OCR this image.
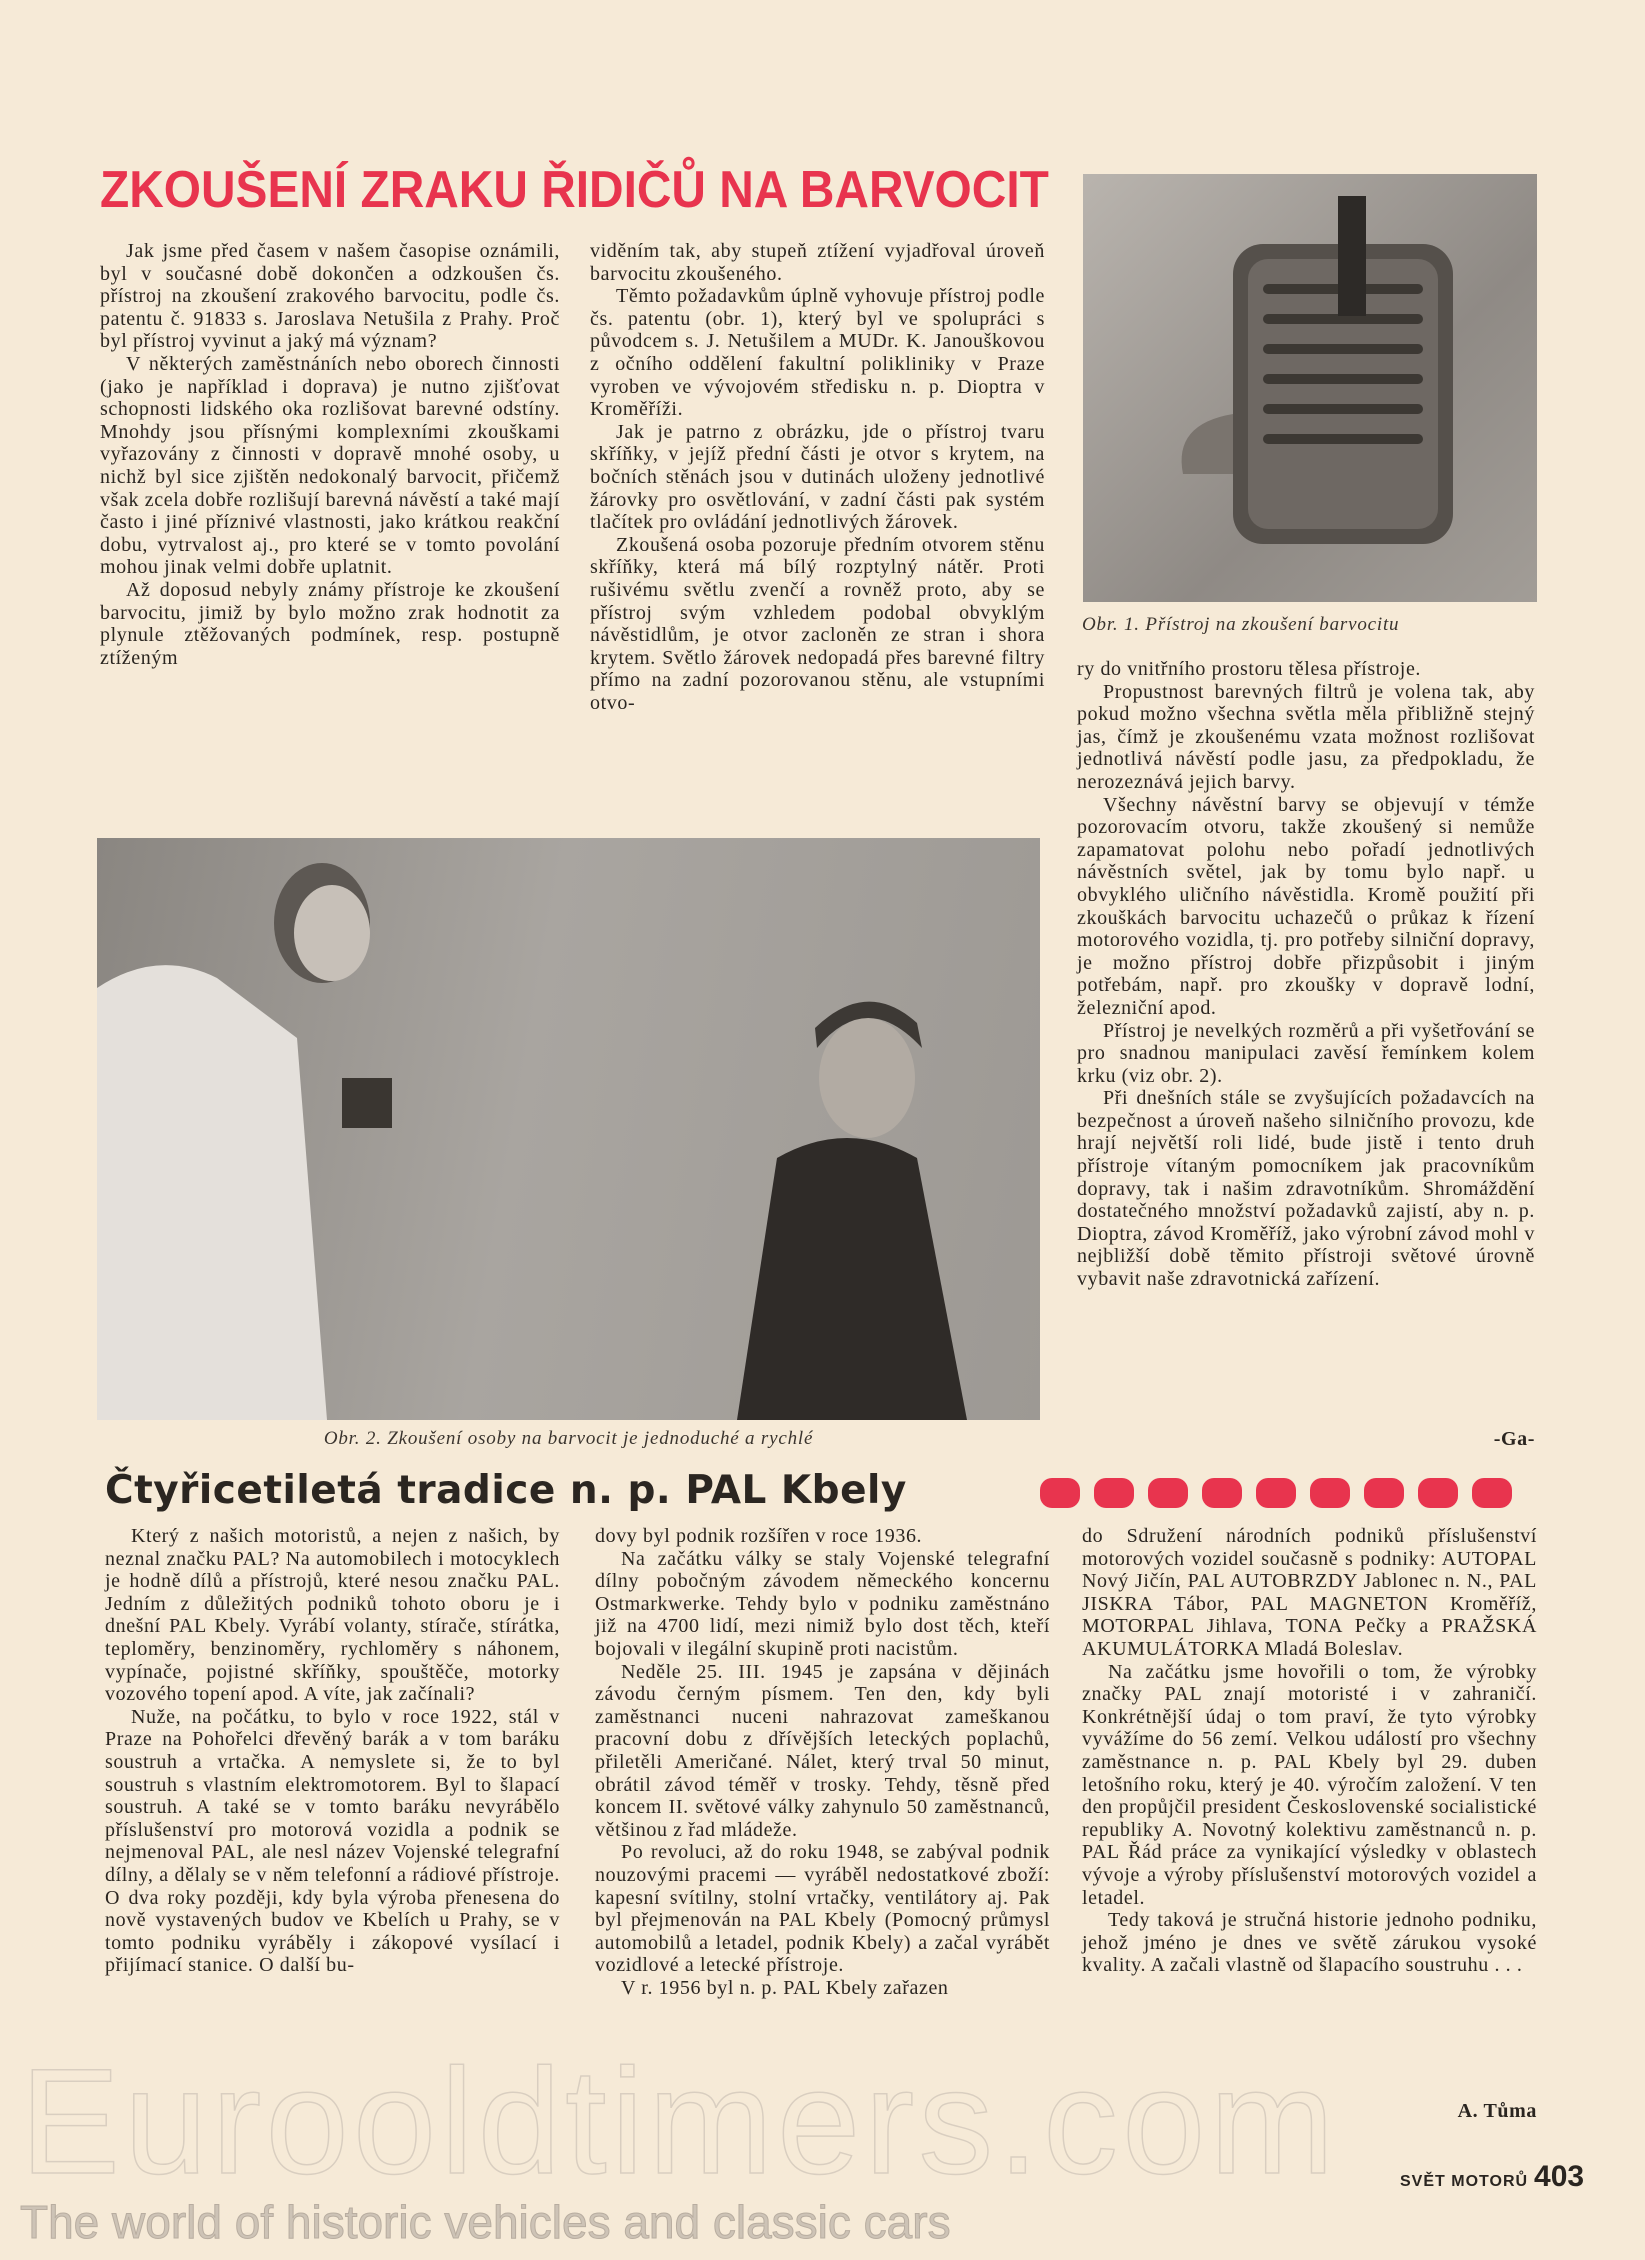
ZKOUŠENÍ ZRAKU ŘIDIČŮ NA BARVOCIT

Jak jsme před časem v našem časopise oznámili, byl v současné době dokončen a odzkoušen čs. přístroj na zkoušení zrakového barvocitu, podle čs. patentu č. 91833 s. Jaroslava Netušila z Prahy. Proč byl přístroj vyvinut a jaký má význam?

V některých zaměstnáních nebo oborech činnosti (jako je například i doprava) je nutno zjišťovat schopnosti lidského oka rozlišovat barevné odstíny. Mnohdy jsou přísnými komplexními zkouškami vyřazovány z činnosti v dopravě mnohé osoby, u nichž byl sice zjištěn nedokonalý barvocit, přičemž však zcela dobře rozlišují barevná návěstí a také mají často i jiné příznivé vlastnosti, jako krátkou reakční dobu, vytrvalost aj., pro které se v tomto povolání mohou jinak velmi dobře uplatnit.

Až doposud nebyly známy přístroje ke zkoušení barvocitu, jimiž by bylo možno zrak hodnotit za plynule ztěžovaných podmínek, resp. postupně ztíženým

viděním tak, aby stupeň ztížení vyjadřoval úroveň barvocitu zkoušeného.

Těmto požadavkům úplně vyhovuje přístroj podle čs. patentu (obr. 1), který byl ve spolupráci s původcem s. J. Netušilem a MUDr. K. Janouškovou z očního oddělení fakultní polikliniky v Praze vyroben ve vývojovém středisku n. p. Dioptra v Kroměříži.

Jak je patrno z obrázku, jde o přístroj tvaru skříňky, v jejíž přední části je otvor s krytem, na bočních stěnách jsou v dutinách uloženy jednotlivé žárovky pro osvětlování, v zadní části pak systém tlačítek pro ovládání jednotlivých žárovek.

Zkoušená osoba pozoruje předním otvorem stěnu skříňky, která má bílý rozptylný nátěr. Proti rušivému světlu zvenčí a rovněž proto, aby se přístroj svým vzhledem podobal obvyklým návěstidlům, je otvor zacloněn ze stran i shora krytem. Světlo žárovek nedopadá přes barevné filtry přímo na zadní pozorovanou stěnu, ale vstupními otvo-

Obr. 1. Přístroj na zkoušení barvocitu

ry do vnitřního prostoru tělesa přístroje.

Propustnost barevných filtrů je volena tak, aby pokud možno všechna světla měla přibližně stejný jas, čímž je zkoušenému vzata možnost rozlišovat jednotlivá návěstí podle jasu, za předpokladu, že nerozeznává jejich barvy.

Všechny návěstní barvy se objevují v témže pozorovacím otvoru, takže zkoušený si nemůže zapamatovat polohu nebo pořadí jednotlivých návěstních světel, jak by tomu bylo např. u obvyklého uličního návěstidla. Kromě použití při zkouškách barvocitu uchazečů o průkaz k řízení motorového vozidla, tj. pro potřeby silniční dopravy, je možno přístroj dobře přizpůsobit i jiným potřebám, např. pro zkoušky v dopravě lodní, železniční apod.

Přístroj je nevelkých rozměrů a při vyšetřování se pro snadnou manipulaci zavěsí řemínkem kolem krku (viz obr. 2).

Při dnešních stále se zvyšujících požadavcích na bezpečnost a úroveň našeho silničního provozu, kde hrají největší roli lidé, bude jistě i tento druh přístroje vítaným pomocníkem jak pracovníkům dopravy, tak i našim zdravotníkům. Shromáždění dostatečného množství požadavků zajistí, aby n. p. Dioptra, závod Kroměříž, jako výrobní závod mohl v nejbližší době těmito přístroji světové úrovně vybavit naše zdravotnická zařízení.

-Ga-
Obr. 2. Zkoušení osoby na barvocit je jednoduché a rychlé
Čtyřicetiletá tradice n. p. PAL Kbely

Který z našich motoristů, a nejen z našich, by neznal značku PAL? Na automobilech i motocyklech je hodně dílů a přístrojů, které nesou značku PAL. Jedním z důležitých podniků tohoto oboru je i dnešní PAL Kbely. Vyrábí volanty, stírače, stírátka, teploměry, benzinoměry, rychloměry s náhonem, vypínače, pojistné skříňky, spouštěče, motorky vozového topení apod. A víte, jak začínali?

Nuže, na počátku, to bylo v roce 1922, stál v Praze na Pohořelci dřevěný barák a v tom baráku soustruh a vrtačka. A nemyslete si, že to byl soustruh s vlastním elektromotorem. Byl to šlapací soustruh. A také se v tomto baráku nevyrábělo příslušenství pro motorová vozidla a podnik se nejmenoval PAL, ale nesl název Vojenské telegrafní dílny, a dělaly se v něm telefonní a rádiové přístroje. O dva roky později, kdy byla výroba přenesena do nově vystavených budov ve Kbelích u Prahy, se v tomto podniku vyráběly i zákopové vysílací i přijímací stanice. O další bu-

dovy byl podnik rozšířen v roce 1936.

Na začátku války se staly Vojenské telegrafní dílny pobočným závodem německého koncernu Ostmarkwerke. Tehdy bylo v podniku zaměstnáno již na 4700 lidí, mezi nimiž bylo dost těch, kteří bojovali v ilegální skupině proti nacistům.

Neděle 25. III. 1945 je zapsána v dějinách závodu černým písmem. Ten den, kdy byli zaměstnanci nuceni nahrazovat zameškanou pracovní dobu z dřívějších leteckých poplachů, přiletěli Američané. Nálet, který trval 50 minut, obrátil závod téměř v trosky. Tehdy, těsně před koncem II. světové války zahynulo 50 zaměstnanců, většinou z řad mládeže.

Po revoluci, až do roku 1948, se zabýval podnik nouzovými pracemi — vyráběl nedostatkové zboží: kapesní svítilny, stolní vrtačky, ventilátory aj. Pak byl přejmenován na PAL Kbely (Pomocný průmysl automobilů a letadel, podnik Kbely) a začal vyrábět vozidlové a letecké přístroje.

V r. 1956 byl n. p. PAL Kbely zařazen

do Sdružení národních podniků příslušenství motorových vozidel současně s podniky: AUTOPAL Nový Jičín, PAL AUTOBRZDY Jablonec n. N., PAL JISKRA Tábor, PAL MAGNETON Kroměříž, MOTORPAL Jihlava, TONA Pečky a PRAŽSKÁ AKUMULÁTORKA Mladá Boleslav.

Na začátku jsme hovořili o tom, že výrobky značky PAL znají motoristé i v zahraničí. Konkrétnější údaj o tom praví, že tyto výrobky vyvážíme do 56 zemí. Velkou událostí pro všechny zaměstnance n. p. PAL Kbely byl 29. duben letošního roku, který je 40. výročím založení. V ten den propůjčil president Československé socialistické republiky A. Novotný kolektivu zaměstnanců n. p. PAL Řád práce za vynikající výsledky v oblastech vývoje a výroby příslušenství motorových vozidel a letadel.

Tedy taková je stručná historie jednoho podniku, jehož jméno je dnes ve světě zárukou vysoké kvality. A začali vlastně od šlapacího soustruhu . . .

A. Tůma
Eurooldtimers.com	SVĚT MOTORŮ 403
The world of historic vehicles and classic cars
